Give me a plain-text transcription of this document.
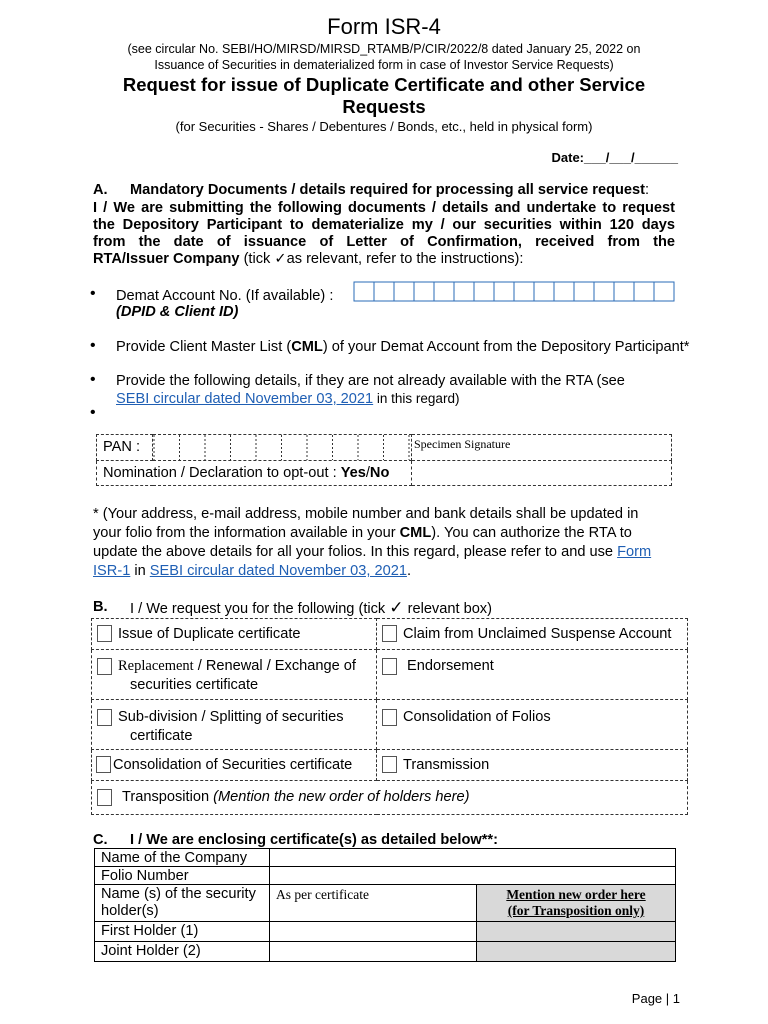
Form ISR-4
(see circular No. SEBI/HO/MIRSD/MIRSD_RTAMB/P/CIR/2022/8 dated January 25, 2022 on
Issuance of Securities in dematerialized form in case of Investor Service Requests)
Request for issue of Duplicate Certificate and other Service
Requests
(for Securities - Shares / Debentures / Bonds, etc., held in physical form)
Date:___/___/______
A. Mandatory Documents / details required for processing all service request:
I / We are submitting the following documents / details and undertake to request
the Depository Participant to dematerialize my / our securities within 120 days
from the date of issuance of Letter of Confirmation, received from the
RTA/Issuer Company (tick ✓as relevant, refer to the instructions):
• Demat Account No. (If available) :
(DPID & Client ID)
• Provide Client Master List (CML) of your Demat Account from the Depository Participant*
• Provide the following details, if they are not already available with the RTA (see
SEBI circular dated November 03, 2021 in this regard)
•
PAN :		Specimen Signature
Nomination / Declaration to opt-out : Yes/No		
* (Your address, e-mail address, mobile number and bank details shall be updated in
your folio from the information available in your CML). You can authorize the RTA to
update the above details for all your folios. In this regard, please refer to and use Form
ISR-1 in SEBI circular dated November 03, 2021.
B. I / We request you for the following (tick ✓ relevant box)
Issue of Duplicate certificate	Claim from Unclaimed Suspense Account
Replacement / Renewal / Exchange of
securities certificate	Endorsement
Sub-division / Splitting of securities
certificate	Consolidation of Folios
Consolidation of Securities certificate	Transmission
Transposition (Mention the new order of holders here)	
C. I / We are enclosing certificate(s) as detailed below**:
Name of the Company		
Folio Number		
Name (s) of the security
holder(s)	As per certificate	Mention new order here
(for Transposition only)
First Holder (1)		
Joint Holder (2)		
Page | 1
